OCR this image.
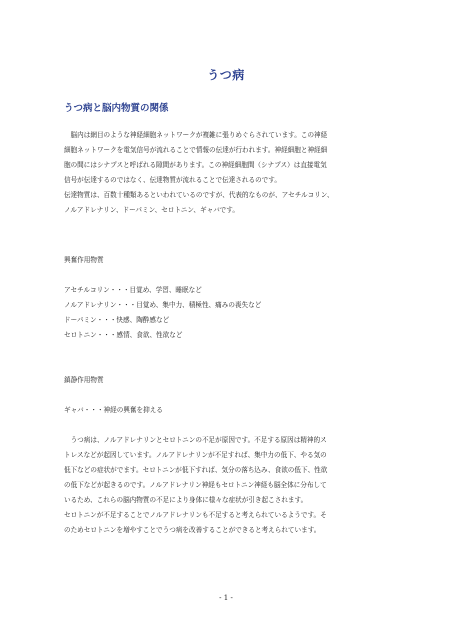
うつ病
うつ病と脳内物質の関係
　脳内は網目のような神経細胞ネットワークが複雑に張りめぐらされています。この神経
細胞ネットワークを電気信号が流れることで情報の伝達が行われます。神経細胞と神経細
胞の間にはシナプスと呼ばれる隙間があります。この神経細胞間（シナプス）は直接電気
信号が伝達するのではなく、伝達物質が流れることで伝達されるのです。
伝達物質は、百数十種類あるといわれているのですが、代表的なものが、アセチルコリン、
ノルアドレナリン、ドーパミン、セロトニン、ギャバです。
興奮作用物質
アセチルコリン・・・目覚め、学習、睡眠など
ノルアドレナリン・・・目覚め、集中力、積極性、痛みの喪失など
ドーパミン・・・快感、陶酔感など
セロトニン・・・感情、食欲、性欲など
鎮静作用物質
ギャバ・・・神経の興奮を抑える
　うつ病は、ノルアドレナリンとセロトニンの不足が原因です。不足する原因は精神的ス
トレスなどが起因しています。ノルアドレナリンが不足すれば、集中力の低下、やる気の
低下などの症状がでます。セロトニンが低下すれば、気分の落ち込み、食欲の低下、性欲
の低下などが起きるのです。ノルアドレナリン神経もセロトニン神経も脳全体に分布して
いるため、これらの脳内物質の不足により身体に様々な症状が引き起こされます。
セロトニンが不足することでノルアドレナリンも不足すると考えられているようです。そ
のためセロトニンを増やすことでうつ病を改善することができると考えられています。
- 1 -
